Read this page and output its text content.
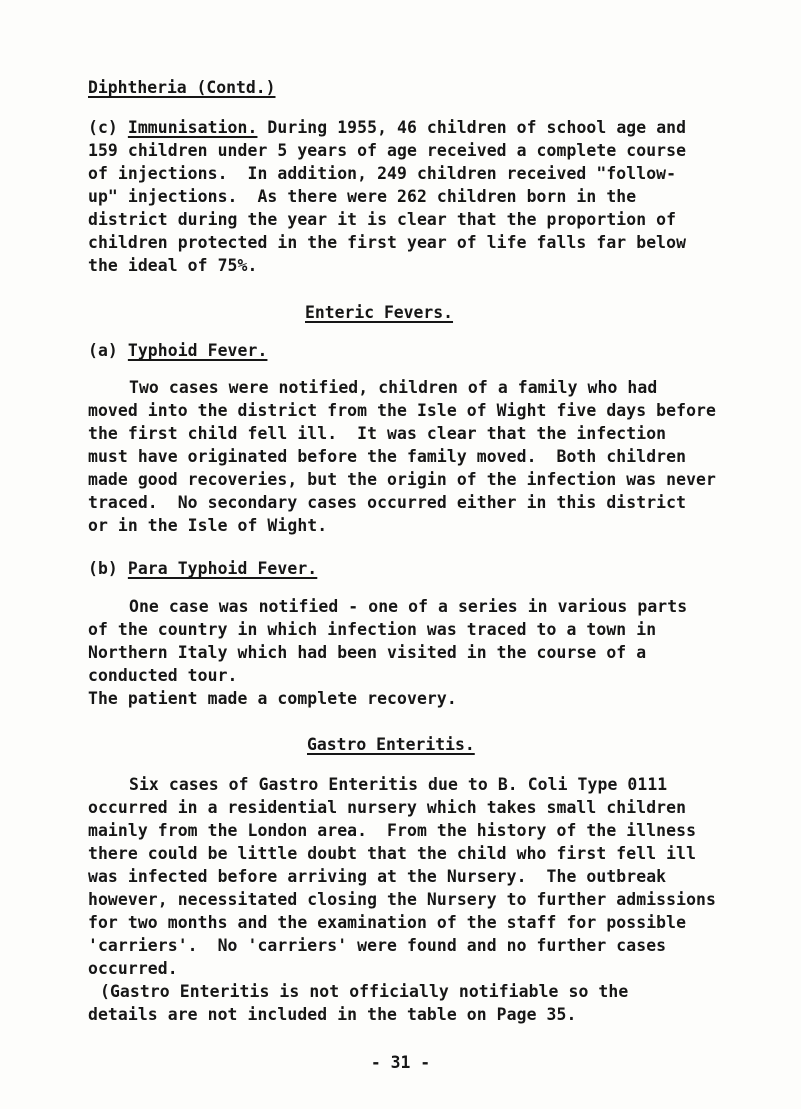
Diphtheria (Contd.)
(c) Immunisation. During 1955, 46 children of school age and
159 children under 5 years of age received a complete course
of injections.  In addition, 249 children received "follow-
up" injections.  As there were 262 children born in the
district during the year it is clear that the proportion of
children protected in the first year of life falls far below
the ideal of 75%.
Enteric Fevers.
(a) Typhoid Fever.
Two cases were notified, children of a family who had
moved into the district from the Isle of Wight five days before
the first child fell ill.  It was clear that the infection
must have originated before the family moved.  Both children
made good recoveries, but the origin of the infection was never
traced.  No secondary cases occurred either in this district
or in the Isle of Wight.
(b) Para Typhoid Fever.
One case was notified - one of a series in various parts
of the country in which infection was traced to a town in
Northern Italy which had been visited in the course of a
conducted tour.
The patient made a complete recovery.
Gastro Enteritis.
Six cases of Gastro Enteritis due to B. Coli Type 0111
occurred in a residential nursery which takes small children
mainly from the London area.  From the history of the illness
there could be little doubt that the child who first fell ill
was infected before arriving at the Nursery.  The outbreak
however, necessitated closing the Nursery to further admissions
for two months and the examination of the staff for possible
'carriers'.  No 'carriers' were found and no further cases
occurred.
(Gastro Enteritis is not officially notifiable so the
details are not included in the table on Page 35.
- 31 -
